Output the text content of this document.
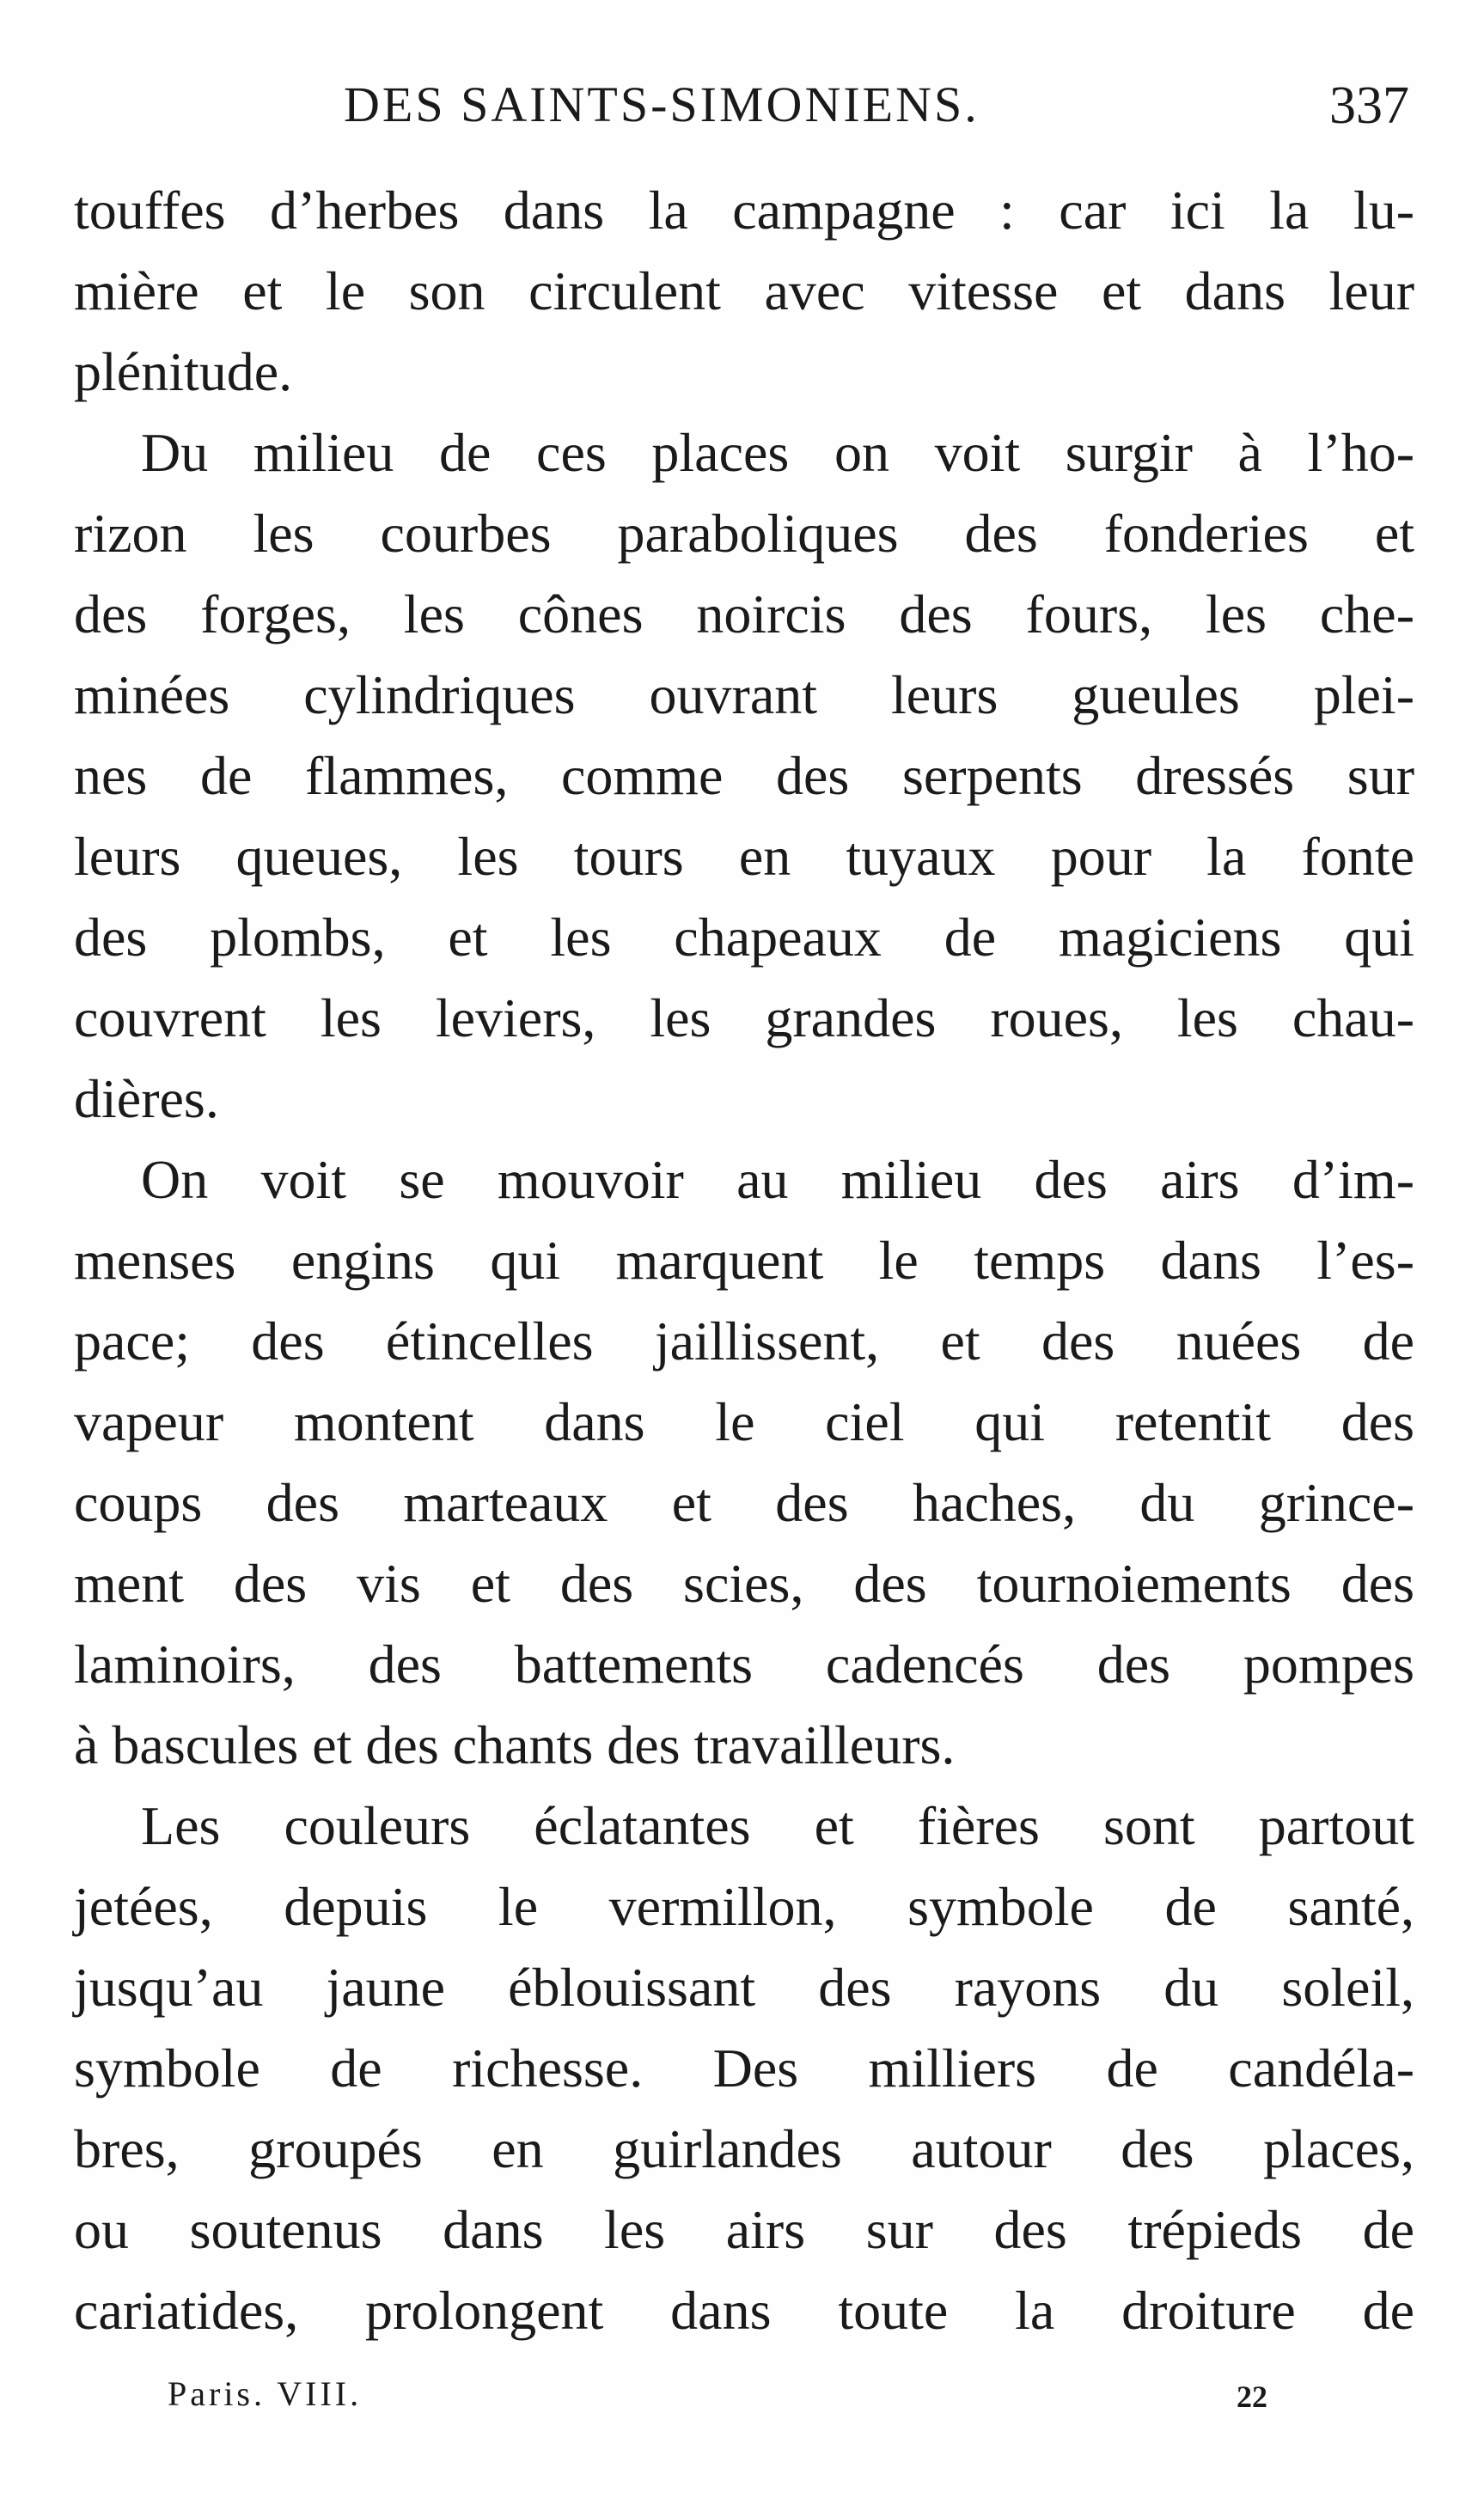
DES SAINTS-SIMONIENS.	337
touffes d’herbes dans la campagne : car ici la lu-
mière et le son circulent avec vitesse et dans leur
plénitude.
Du milieu de ces places on voit surgir à l’ho-
rizon les courbes paraboliques des fonderies et
des forges, les cônes noircis des fours, les che-
minées cylindriques ouvrant leurs gueules plei-
nes de flammes, comme des serpents dressés sur
leurs queues, les tours en tuyaux pour la fonte
des plombs, et les chapeaux de magiciens qui
couvrent les leviers, les grandes roues, les chau-
dières.
On voit se mouvoir au milieu des airs d’im-
menses engins qui marquent le temps dans l’es-
pace; des étincelles jaillissent, et des nuées de
vapeur montent dans le ciel qui retentit des
coups des marteaux et des haches, du grince-
ment des vis et des scies, des tournoiements des
laminoirs, des battements cadencés des pompes
à bascules et des chants des travailleurs.
Les couleurs éclatantes et fières sont partout
jetées, depuis le vermillon, symbole de santé,
jusqu’au jaune éblouissant des rayons du soleil,
symbole de richesse. Des milliers de candéla-
bres, groupés en guirlandes autour des places,
ou soutenus dans les airs sur des trépieds de
cariatides, prolongent dans toute la droiture de
Paris. VIII.	22
